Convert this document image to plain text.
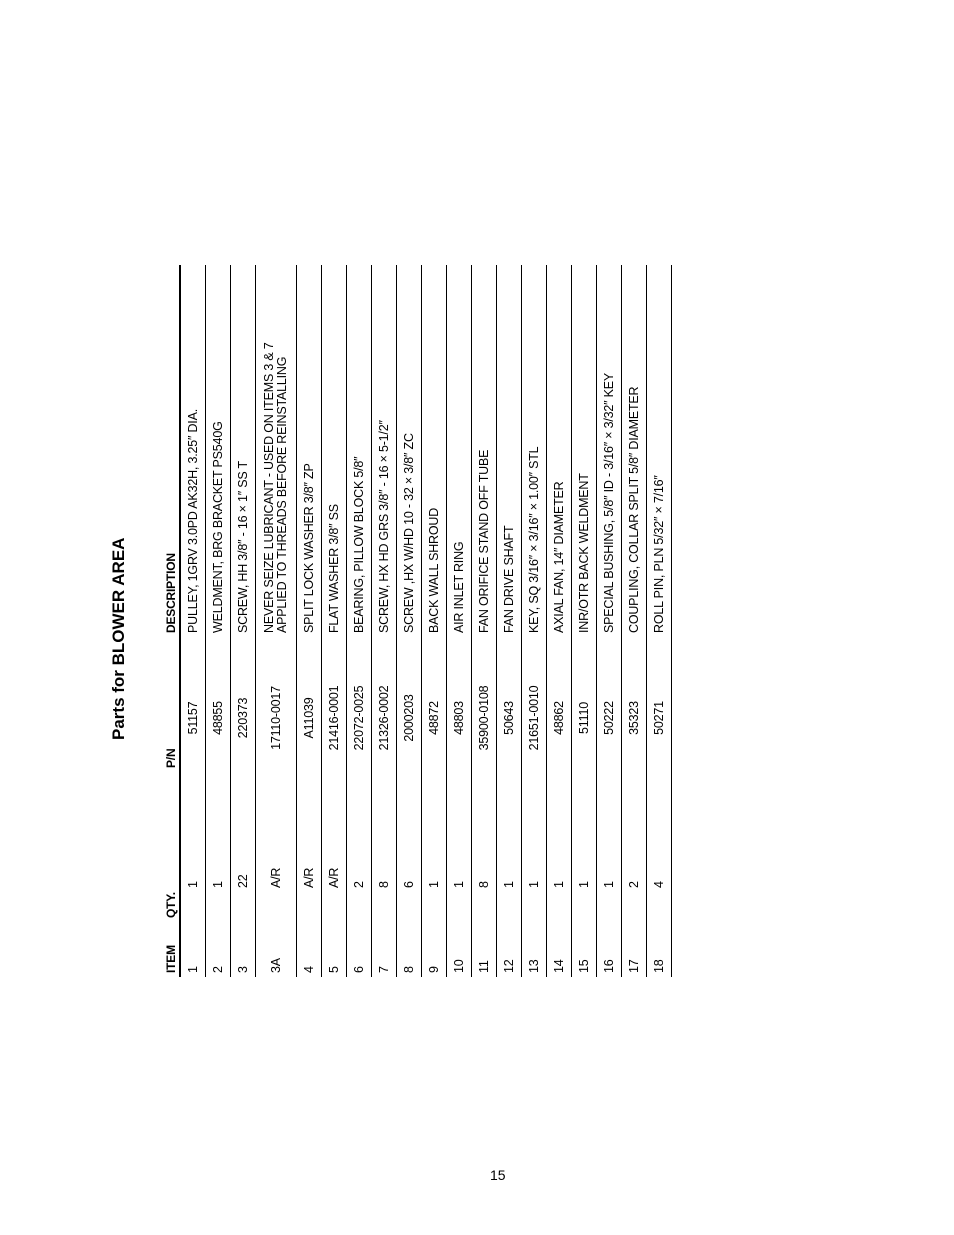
Parts for BLOWER AREA
ITEM	QTY.	P/N	DESCRIPTION
1	1	51157	PULLEY, 1GRV 3.0PD AK32H, 3.25″ DIA.
2	1	48855	WELDMENT, BRG BRACKET PS540G
3	22	220373	SCREW, HH 3/8″ - 16 × 1″ SS T
3A	A/R	17110-0017	NEVER SEIZE LUBRICANT - USED ON ITEMS 3 & 7 APPLIED TO THREADS BEFORE REINSTALLING

4	A/R	A11039	SPLIT LOCK WASHER 3/8″ ZP
5	A/R	21416-0001	FLAT WASHER 3/8″ SS
6	2	22072-0025	BEARING, PILLOW BLOCK 5/8″
7	8	21326-0002	SCREW, HX HD GRS 3/8″ - 16 × 5-1/2″
8	6	2000203	SCREW ,HX W/HD 10 - 32 × 3/8″ ZC
9	1	48872	BACK WALL SHROUD
10	1	48803	AIR INLET RING
11	8	35900-0108	FAN ORIFICE STAND OFF TUBE
12	1	50643	FAN DRIVE SHAFT
13	1	21651-0010	KEY, SQ 3/16″ × 3/16″ × 1.00″ STL
14	1	48862	AXIAL FAN, 14″ DIAMETER
15	1	51110	INR/OTR BACK WELDMENT
16	1	50222	SPECIAL BUSHING, 5/8″ ID - 3/16″ × 3/32″ KEY
17	2	35323	COUPLING, COLLAR SPLIT 5/8″ DIAMETER
18	4	50271	ROLL PIN, PLN 5/32″ × 7/16″
15
